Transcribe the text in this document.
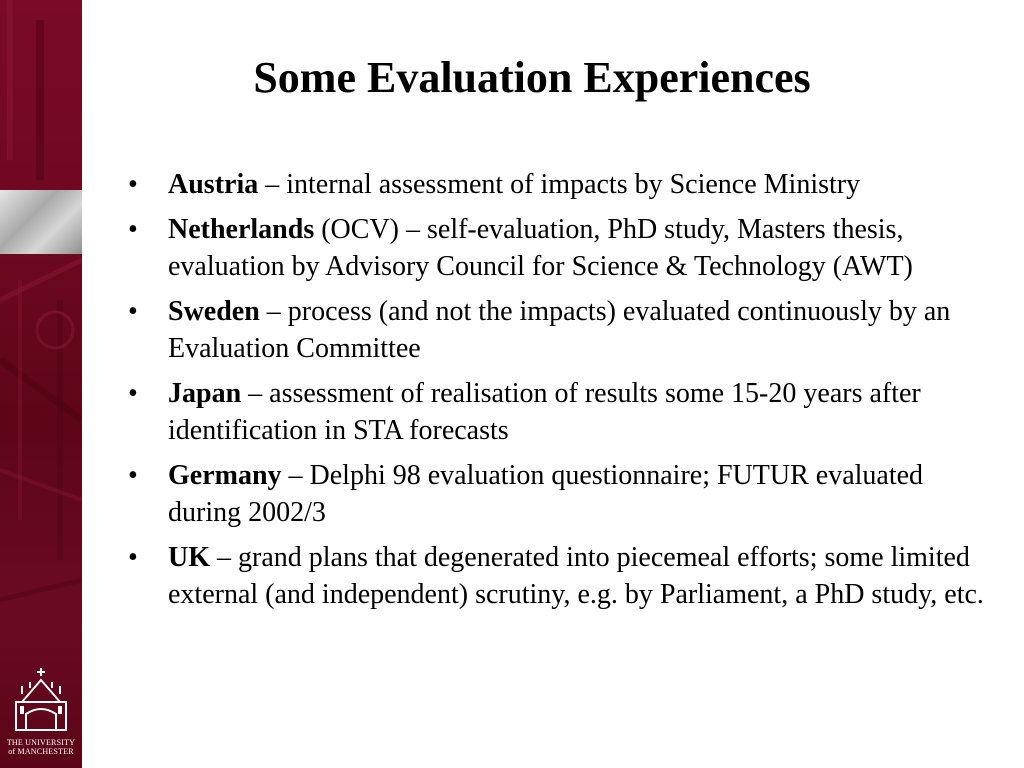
THE UNIVERSITY
of MANCHESTER
Some Evaluation Experiences
• Austria – internal assessment of impacts by Science Ministry
• Netherlands (OCV) – self-evaluation, PhD study, Masters thesis, evaluation by Advisory Council for Science & Technology (AWT)
• Sweden – process (and not the impacts) evaluated continuously by an Evaluation Committee
• Japan – assessment of realisation of results some 15-20 years after identification in STA forecasts
• Germany – Delphi 98 evaluation questionnaire; FUTUR evaluated during 2002/3
• UK – grand plans that degenerated into piecemeal efforts; some limited external (and independent) scrutiny, e.g. by Parliament, a PhD study, etc.
